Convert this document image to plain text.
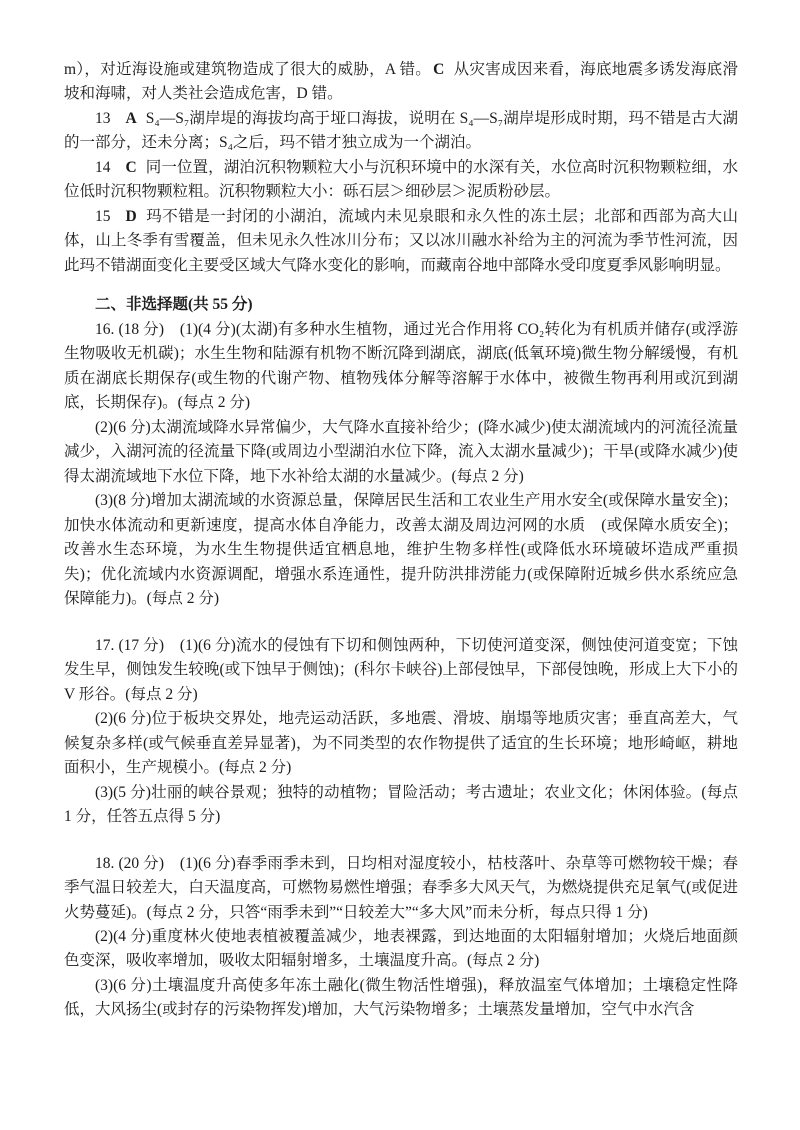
m），对近海设施或建筑物造成了很大的威胁，A 错。 C 从灾害成因来看，海底地震多诱发海底滑坡和海啸，对人类社会造成危害，D 错。

13 A S₄—S₇湖岸堤的海拔均高于垭口海拔，说明在 S₄—S₇湖岸堤形成时期，玛不错是古大湖的一部分，还未分离；S₄之后，玛不错才独立成为一个湖泊。

14 C 同一位置，湖泊沉积物颗粒大小与沉积环境中的水深有关，水位高时沉积物颗粒细，水位低时沉积物颗粒粗。沉积物颗粒大小：砾石层＞细砂层＞泥质粉砂层。

15 D 玛不错是一封闭的小湖泊，流域内未见泉眼和永久性的冻土层；北部和西部为高大山体，山上冬季有雪覆盖，但未见永久性冰川分布；又以冰川融水补给为主的河流为季节性河流，因此玛不错湖面变化主要受区域大气降水变化的影响，而藏南谷地中部降水受印度夏季风影响明显。

二、非选择题(共 55 分)

16. (18 分)　(1)(4 分)(太湖)有多种水生植物，通过光合作用将 CO₂转化为有机质并储存(或浮游生物吸收无机碳)；水生生物和陆源有机物不断沉降到湖底，湖底(低氧环境)微生物分解缓慢，有机质在湖底长期保存(或生物的代谢产物、植物残体分解等溶解于水体中，被微生物再利用或沉到湖底，长期保存)。(每点 2 分)

(2)(6 分)太湖流域降水异常偏少，大气降水直接补给少；(降水减少)使太湖流域内的河流径流量减少，入湖河流的径流量下降(或周边小型湖泊水位下降，流入太湖水量减少)；干旱(或降水减少)使得太湖流域地下水位下降，地下水补给太湖的水量减少。(每点 2 分)

(3)(8 分)增加太湖流域的水资源总量，保障居民生活和工农业生产用水安全(或保障水量安全)；加快水体流动和更新速度，提高水体自净能力，改善太湖及周边河网的水质　(或保障水质安全)；改善水生态环境，为水生生物提供适宜栖息地，维护生物多样性(或降低水环境破坏造成严重损失)；优化流域内水资源调配，增强水系连通性，提升防洪排涝能力(或保障附近城乡供水系统应急保障能力)。(每点 2 分)

17. (17 分)　(1)(6 分)流水的侵蚀有下切和侧蚀两种，下切使河道变深，侧蚀使河道变宽；下蚀发生早，侧蚀发生较晚(或下蚀早于侧蚀)；(科尔卡峡谷)上部侵蚀早，下部侵蚀晚，形成上大下小的 V 形谷。(每点 2 分)

(2)(6 分)位于板块交界处，地壳运动活跃，多地震、滑坡、崩塌等地质灾害；垂直高差大，气候复杂多样(或气候垂直差异显著)，为不同类型的农作物提供了适宜的生长环境；地形崎岖，耕地面积小，生产规模小。(每点 2 分)

(3)(5 分)壮丽的峡谷景观；独特的动植物；冒险活动；考古遗址；农业文化；休闲体验。(每点 1 分，任答五点得 5 分)

18. (20 分)　(1)(6 分)春季雨季未到，日均相对湿度较小，枯枝落叶、杂草等可燃物较干燥；春季气温日较差大，白天温度高，可燃物易燃性增强；春季多大风天气，为燃烧提供充足氧气(或促进火势蔓延)。(每点 2 分，只答“雨季未到”“日较差大”“多大风”而未分析，每点只得 1 分)

(2)(4 分)重度林火使地表植被覆盖减少，地表裸露，到达地面的太阳辐射增加；火烧后地面颜色变深，吸收率增加，吸收太阳辐射增多，土壤温度升高。(每点 2 分)

(3)(6 分)土壤温度升高使多年冻土融化(微生物活性增强)，释放温室气体增加；土壤稳定性降低，大风扬尘(或封存的污染物挥发)增加，大气污染物增多；土壤蒸发量增加，空气中水汽含
